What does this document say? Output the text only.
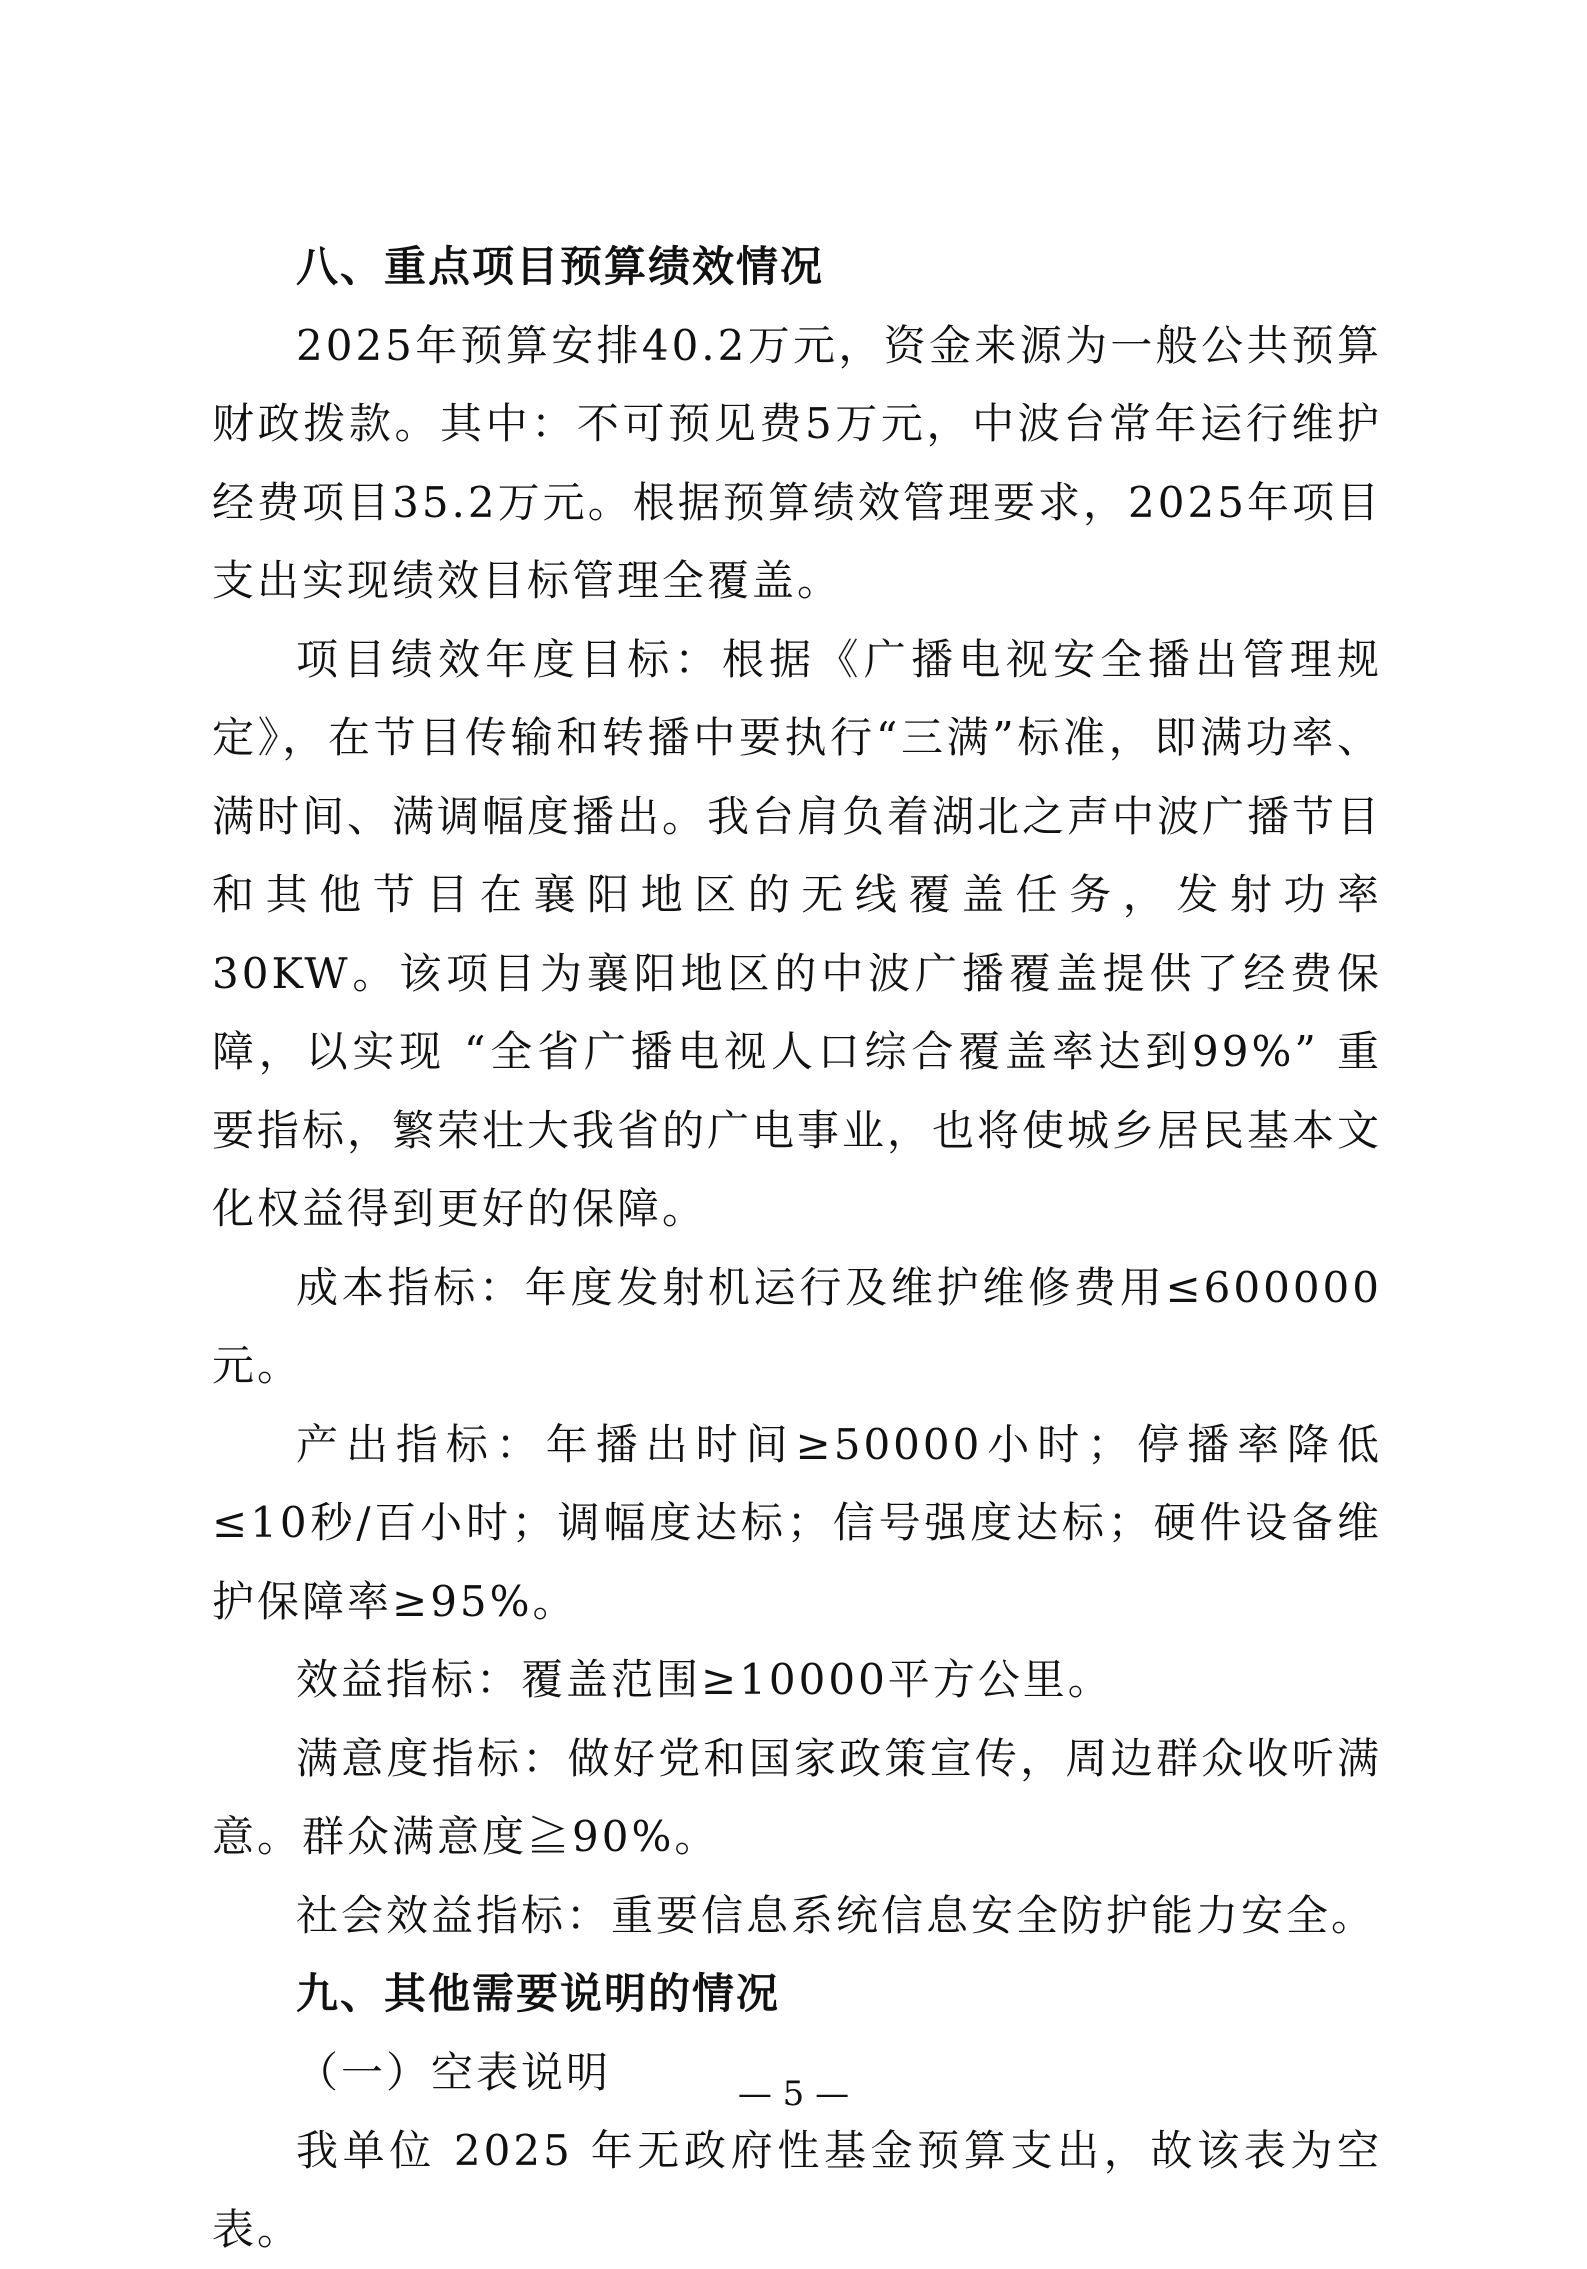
八、重点项目预算绩效情况

2025年预算安排40.2万元，资金来源为一般公共预算财政拨款。其中：不可预见费5万元，中波台常年运行维护经费项目35.2万元。根据预算绩效管理要求，2025年项目支出实现绩效目标管理全覆盖。

项目绩效年度目标：根据《广播电视安全播出管理规定》，在节目传输和转播中要执行“三满”标准，即满功率、满时间、满调幅度播出。我台肩负着湖北之声中波广播节目和其他节目在襄阳地区的无线覆盖任务，发射功率30KW。该项目为襄阳地区的中波广播覆盖提供了经费保障，以实现 “全省广播电视人口综合覆盖率达到99%” 重要指标，繁荣壮大我省的广电事业，也将使城乡居民基本文化权益得到更好的保障。

成本指标：年度发射机运行及维护维修费用≤600000元。

产出指标：年播出时间≥50000小时；停播率降低≤10秒/百小时；调幅度达标；信号强度达标；硬件设备维护保障率≥95%。

效益指标：覆盖范围≥10000平方公里。

满意度指标：做好党和国家政策宣传，周边群众收听满意。群众满意度≧90%。

社会效益指标：重要信息系统信息安全防护能力安全。

九、其他需要说明的情况

（一）空表说明

我单位 2025 年无政府性基金预算支出，故该表为空表。

— 5 —
